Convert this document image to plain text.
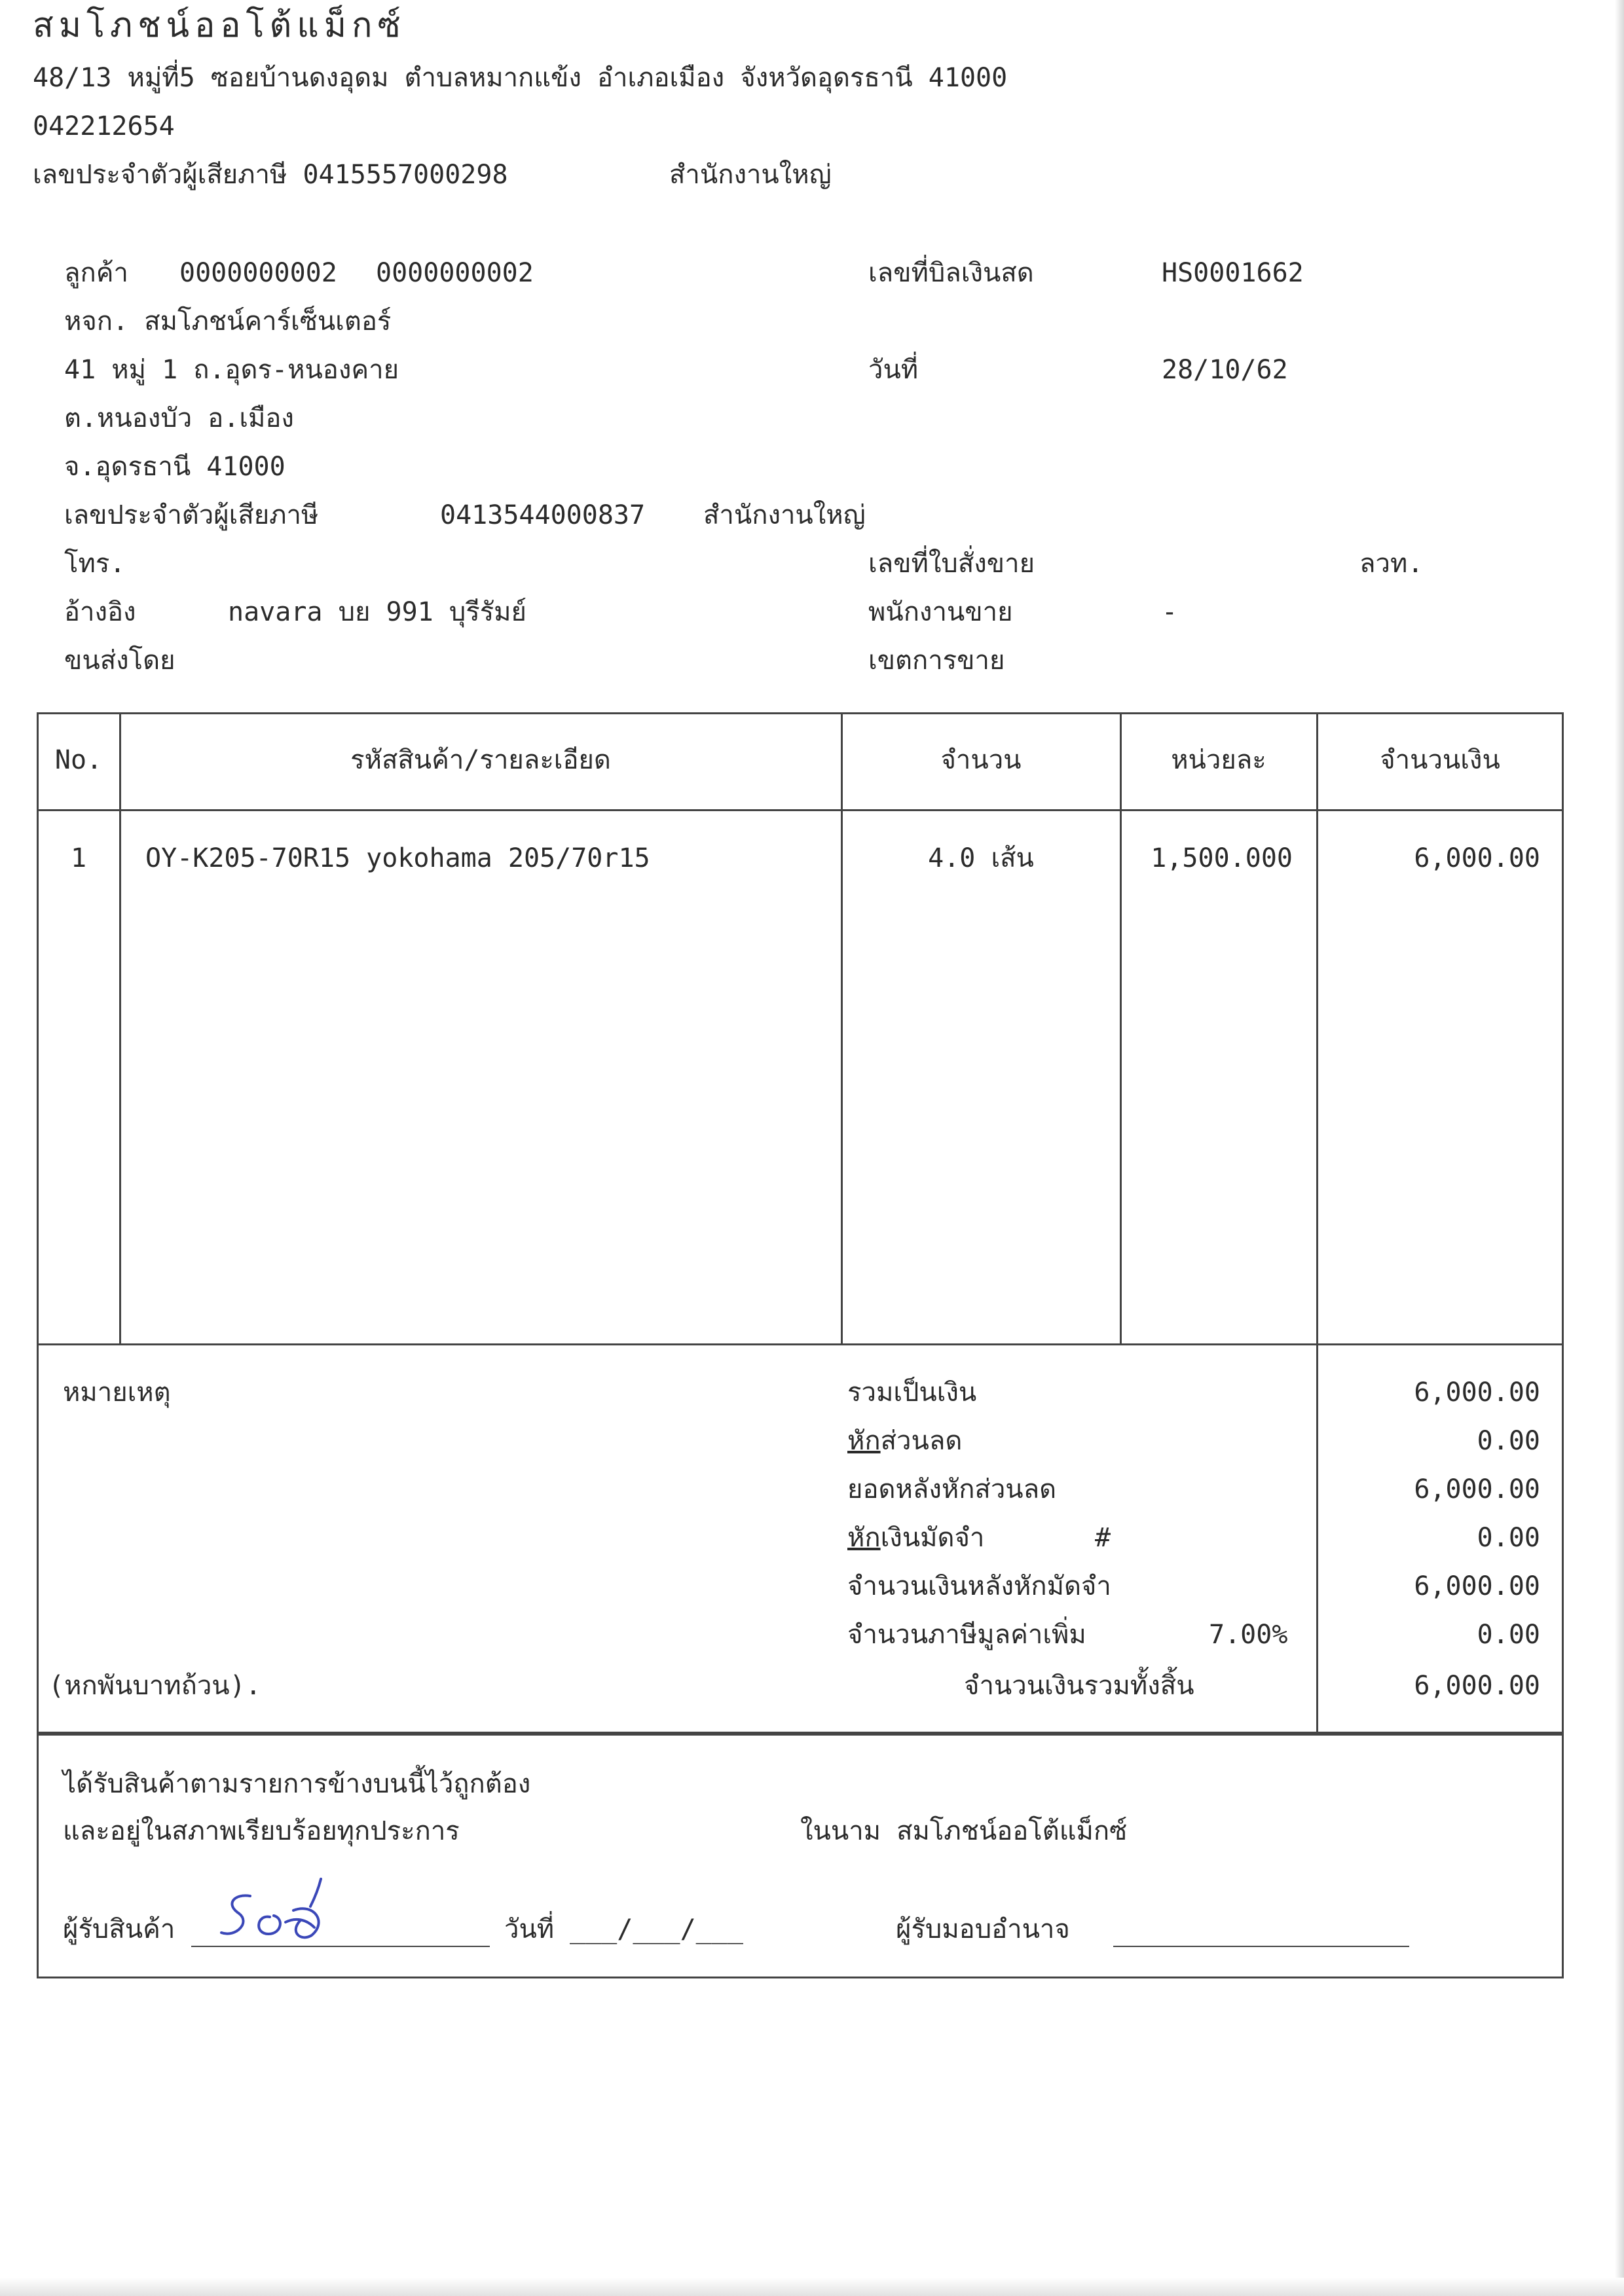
สมโภชน์ออโต้แม็กซ์
48/13 หมู่ที่5 ซอยบ้านดงอุดม ตำบลหมากแข้ง อำเภอเมือง จังหวัดอุดรธานี 41000
042212654
เลขประจำตัวผู้เสียภาษี 0415557000298	สำนักงานใหญ่
ลูกค้า 0000000002 0000000002
หจก. สมโภชน์คาร์เซ็นเตอร์
41 หมู่ 1 ถ.อุดร-หนองคาย
ต.หนองบัว อ.เมือง
จ.อุดรธานี 41000
เลขประจำตัวผู้เสียภาษี	0413544000837 สำนักงานใหญ่
โทร.
อ้างอิง	navara บย 991 บุรีรัมย์
ขนส่งโดย
เลขที่บิลเงินสด	HS0001662
วันที่	28/10/62
เลขที่ใบสั่งขาย	ลวท.
พนักงานขาย	-
เขตการขาย
No.	รหัสสินค้า/รายละเอียด	จำนวน	หน่วยละ	จำนวนเงิน
1	OY-K205-70R15 yokohama 205/70r15	4.0 เส้น	1,500.000	6,000.00
หมายเหตุ
(หกพันบาทถ้วน).
รวมเป็นเงิน	6,000.00
หักส่วนลด	0.00
ยอดหลังหักส่วนลด	6,000.00
หักเงินมัดจำ	#	0.00
จำนวนเงินหลังหักมัดจำ	6,000.00
จำนวนภาษีมูลค่าเพิ่ม	7.00%	0.00
จำนวนเงินรวมทั้งสิ้น	6,000.00
ได้รับสินค้าตามรายการข้างบนนี้ไว้ถูกต้อง
และอยู่ในสภาพเรียบร้อยทุกประการ	ในนาม สมโภชน์ออโต้แม็กซ์
ผู้รับสินค้า	วันที่ ___/___/___	ผู้รับมอบอำนาจ
